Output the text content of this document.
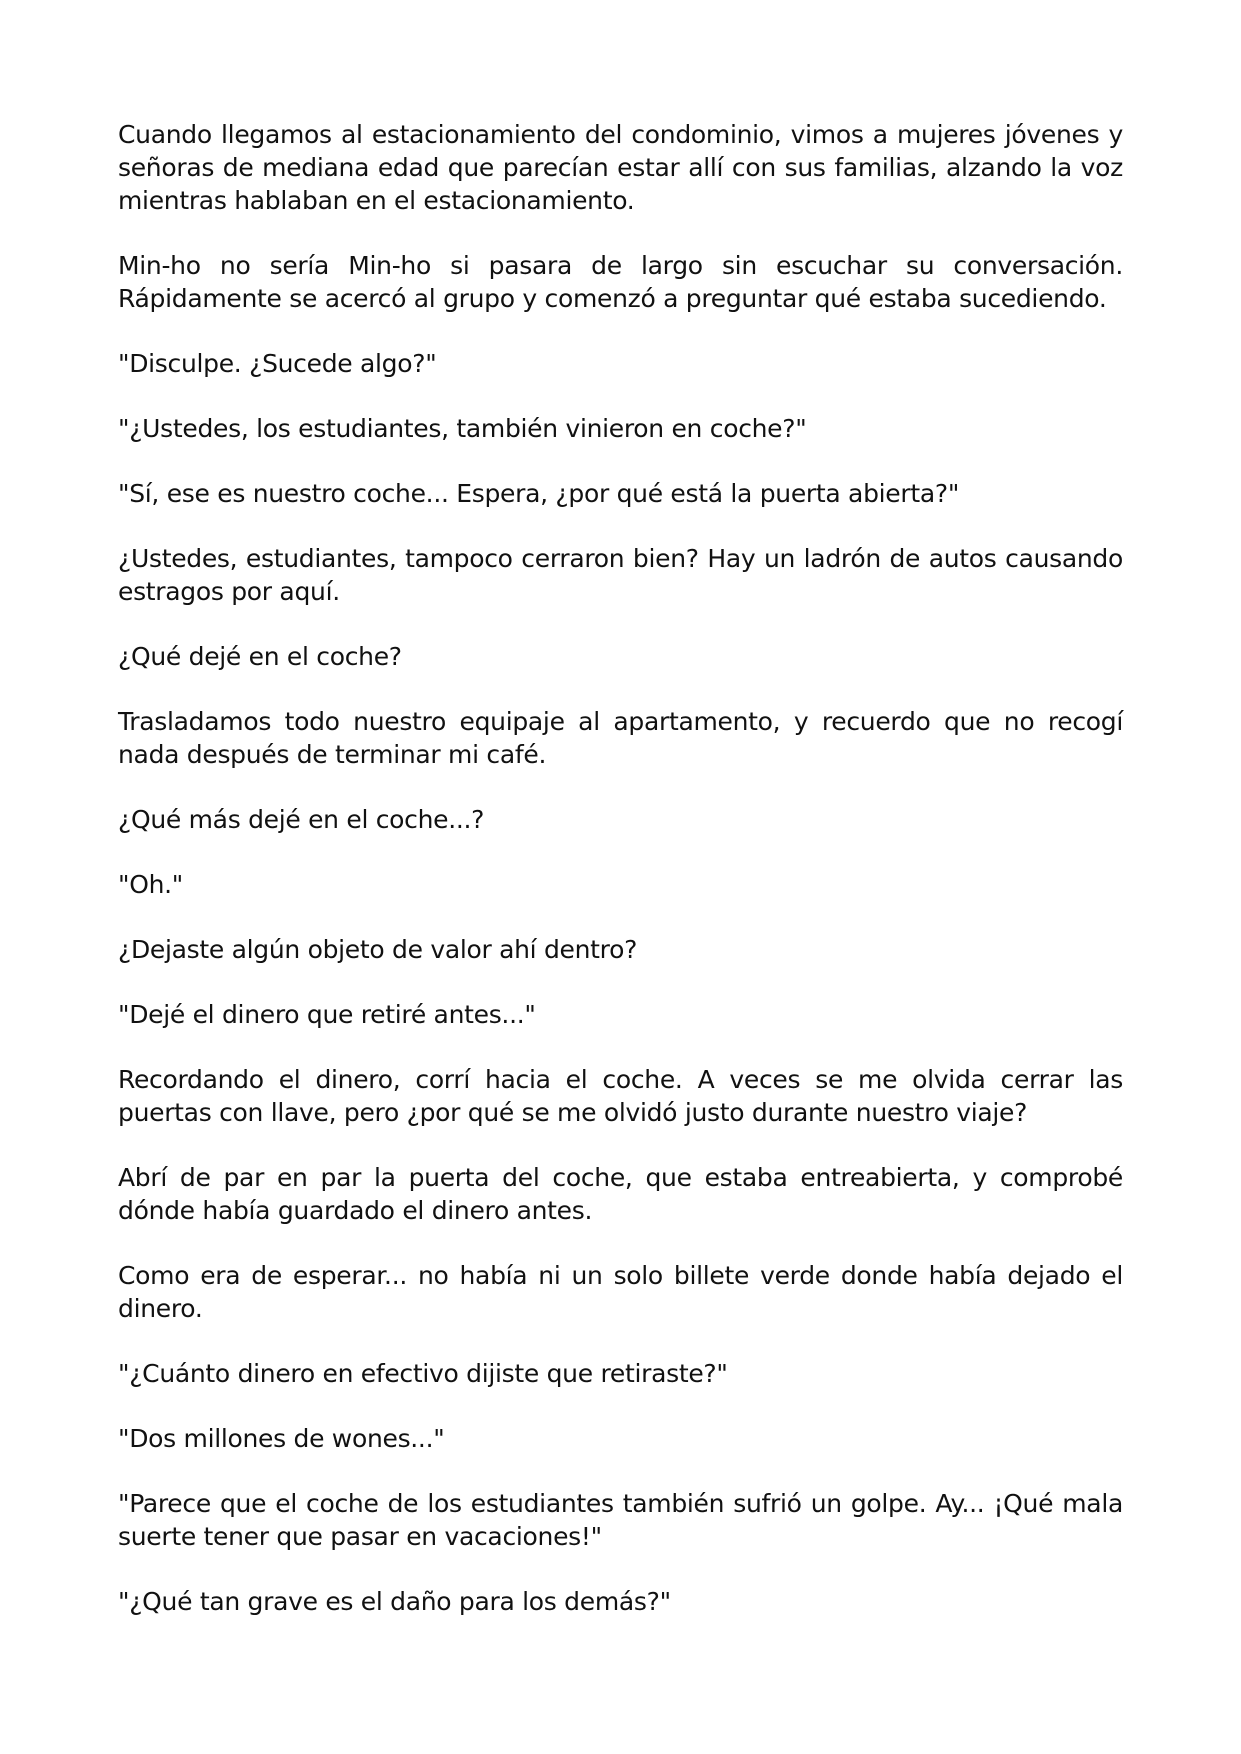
Cuando llegamos al estacionamiento del condominio, vimos a mujeres jóvenes y señoras de mediana edad que parecían estar allí con sus familias, alzando la voz mientras hablaban en el estacionamiento.

Min-ho no sería Min-ho si pasara de largo sin escuchar su conversación. Rápidamente se acercó al grupo y comenzó a preguntar qué estaba sucediendo.

"Disculpe. ¿Sucede algo?"

"¿Ustedes, los estudiantes, también vinieron en coche?"

"Sí, ese es nuestro coche... Espera, ¿por qué está la puerta abierta?"

¿Ustedes, estudiantes, tampoco cerraron bien? Hay un ladrón de autos causando estragos por aquí.

¿Qué dejé en el coche?

Trasladamos todo nuestro equipaje al apartamento, y recuerdo que no recogí nada después de terminar mi café.

¿Qué más dejé en el coche...?

"Oh."

¿Dejaste algún objeto de valor ahí dentro?

"Dejé el dinero que retiré antes..."

Recordando el dinero, corrí hacia el coche. A veces se me olvida cerrar las puertas con llave, pero ¿por qué se me olvidó justo durante nuestro viaje?

Abrí de par en par la puerta del coche, que estaba entreabierta, y comprobé dónde había guardado el dinero antes.

Como era de esperar... no había ni un solo billete verde donde había dejado el dinero.

"¿Cuánto dinero en efectivo dijiste que retiraste?"

"Dos millones de wones..."

"Parece que el coche de los estudiantes también sufrió un golpe. Ay... ¡Qué mala suerte tener que pasar en vacaciones!"

"¿Qué tan grave es el daño para los demás?"
